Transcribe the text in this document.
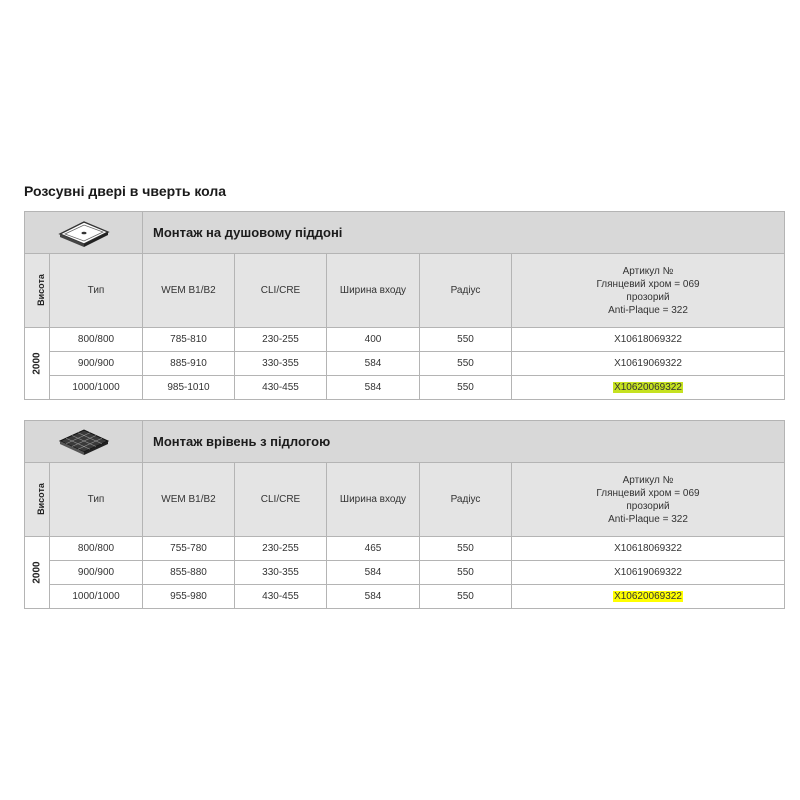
Розсувні двері в чверть кола
	Монтаж на душовому піддоні				
Висота	Тип	WEM B1/B2	CLI/CRE	Ширина входу	Радіус	Артикул №
Глянцевий хром = 069
прозорий
Anti-Plaque = 322

2000	800/800	785-810	230-255	400	550	X10618069322
	900/900	885-910	330-355	584	550	X10619069322
	1000/1000	985-1010	430-455	584	550	X10620069322
	Монтаж врівень з підлогою				
Висота	Тип	WEM B1/B2	CLI/CRE	Ширина входу	Радіус	Артикул №
Глянцевий хром = 069
прозорий
Anti-Plaque = 322

2000	800/800	755-780	230-255	465	550	X10618069322
	900/900	855-880	330-355	584	550	X10619069322
	1000/1000	955-980	430-455	584	550	X10620069322
